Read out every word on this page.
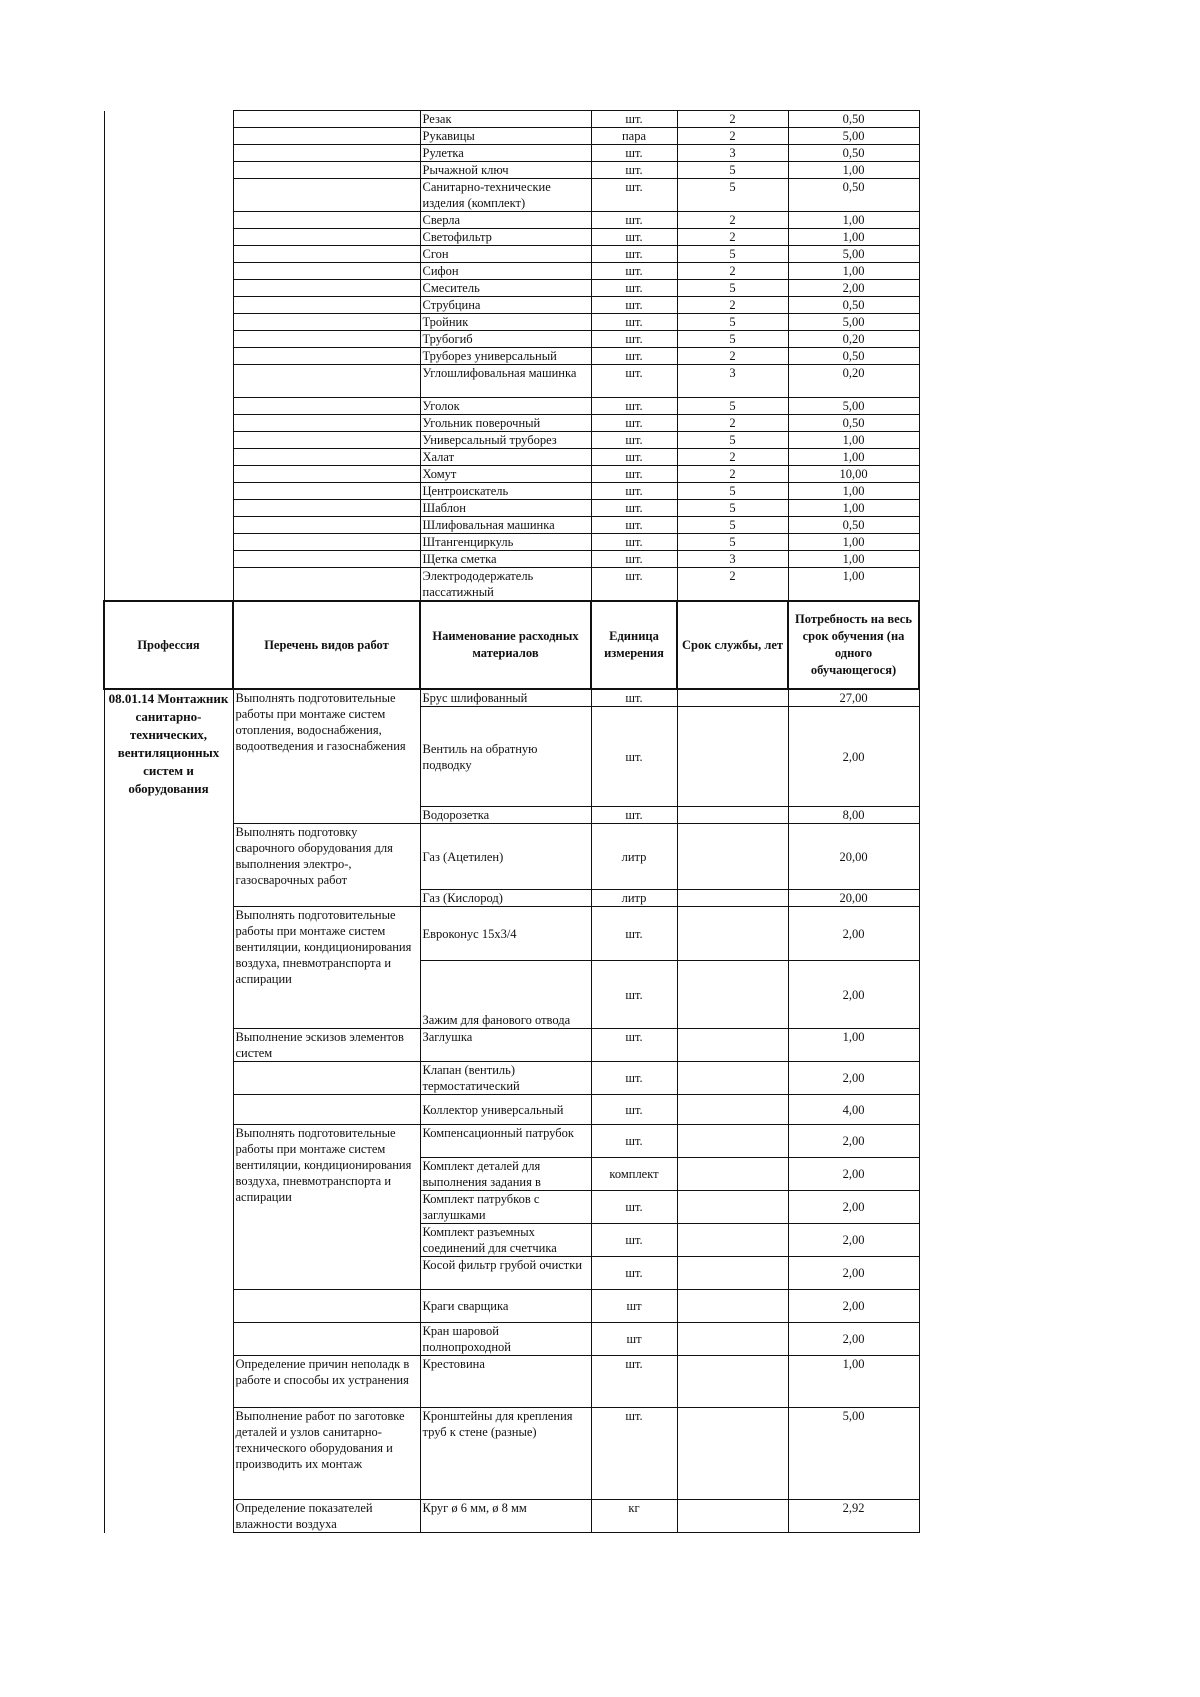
		Резак	шт.	2	0,50
		Рукавицы	пара	2	5,00
		Рулетка	шт.	3	0,50
		Рычажной ключ	шт.	5	1,00
		Санитарно-технические изделия (комплект)	шт.	5	0,50
		Сверла	шт.	2	1,00
		Светофильтр	шт.	2	1,00
		Сгон	шт.	5	5,00
		Сифон	шт.	2	1,00
		Смеситель	шт.	5	2,00
		Струбцина	шт.	2	0,50
		Тройник	шт.	5	5,00
		Трубогиб	шт.	5	0,20
		Труборез универсальный	шт.	2	0,50
		Углошлифовальная машинка	шт.	3	0,20
		Уголок	шт.	5	5,00
		Угольник поверочный	шт.	2	0,50
		Универсальный труборез	шт.	5	1,00
		Халат	шт.	2	1,00
		Хомут	шт.	2	10,00
		Центроискатель	шт.	5	1,00
		Шаблон	шт.	5	1,00
		Шлифовальная машинка	шт.	5	0,50
		Штангенциркуль	шт.	5	1,00
		Щетка сметка	шт.	3	1,00
		Электрододержатель пассатижный	шт.	2	1,00
Профессия	Перечень видов работ	Наименование расходных материалов	Единица измерения	Срок службы, лет	Потребность на весь срок обучения (на одного обучающегося)
08.01.14 Монтажник санитарно-технических, вентиляционных систем и оборудования	Выполнять подготовительные работы при монтаже систем отопления, водоснабжения, водоотведения и газоснабжения	Брус шлифованный	шт.		27,00
		Вентиль на обратную подводку	шт.		2,00
		Водорозетка	шт.		8,00
	Выполнять подготовку сварочного оборудования для выполнения электро-, газосварочных работ	Газ (Ацетилен)	литр		20,00
		Газ (Кислород)	литр		20,00
	Выполнять подготовительные работы при монтаже систем вентиляции, кондиционирования воздуха, пневмотранспорта и аспирации	Евроконус 15х3/4	шт.		2,00
		Зажим для фанового отвода	шт.		2,00
	Выполнение эскизов элементов систем	Заглушка	шт.		1,00
		Клапан (вентиль) термостатический	шт.		2,00
		Коллектор универсальный	шт.		4,00
	Выполнять подготовительные работы при монтаже систем вентиляции, кондиционирования воздуха, пневмотранспорта и аспирации	Компенсационный патрубок	шт.		2,00
		Комплект деталей для выполнения задания в	комплект		2,00
		Комплект патрубков с заглушками	шт.		2,00
		Комплект разъемных соединений для счетчика	шт.		2,00
		Косой фильтр грубой очистки	шт.		2,00
		Краги сварщика	шт		2,00
		Кран шаровой полнопроходной	шт		2,00
	Определение причин неполадк в работе и способы их устранения	Крестовина	шт.		1,00
	Выполнение работ по заготовке деталей и узлов санитарно-технического оборудования и производить их монтаж	Кронштейны для крепления труб к стене (разные)	шт.		5,00
	Определение показателей влажности воздуха	Круг ø 6 мм, ø 8 мм	кг		2,92
